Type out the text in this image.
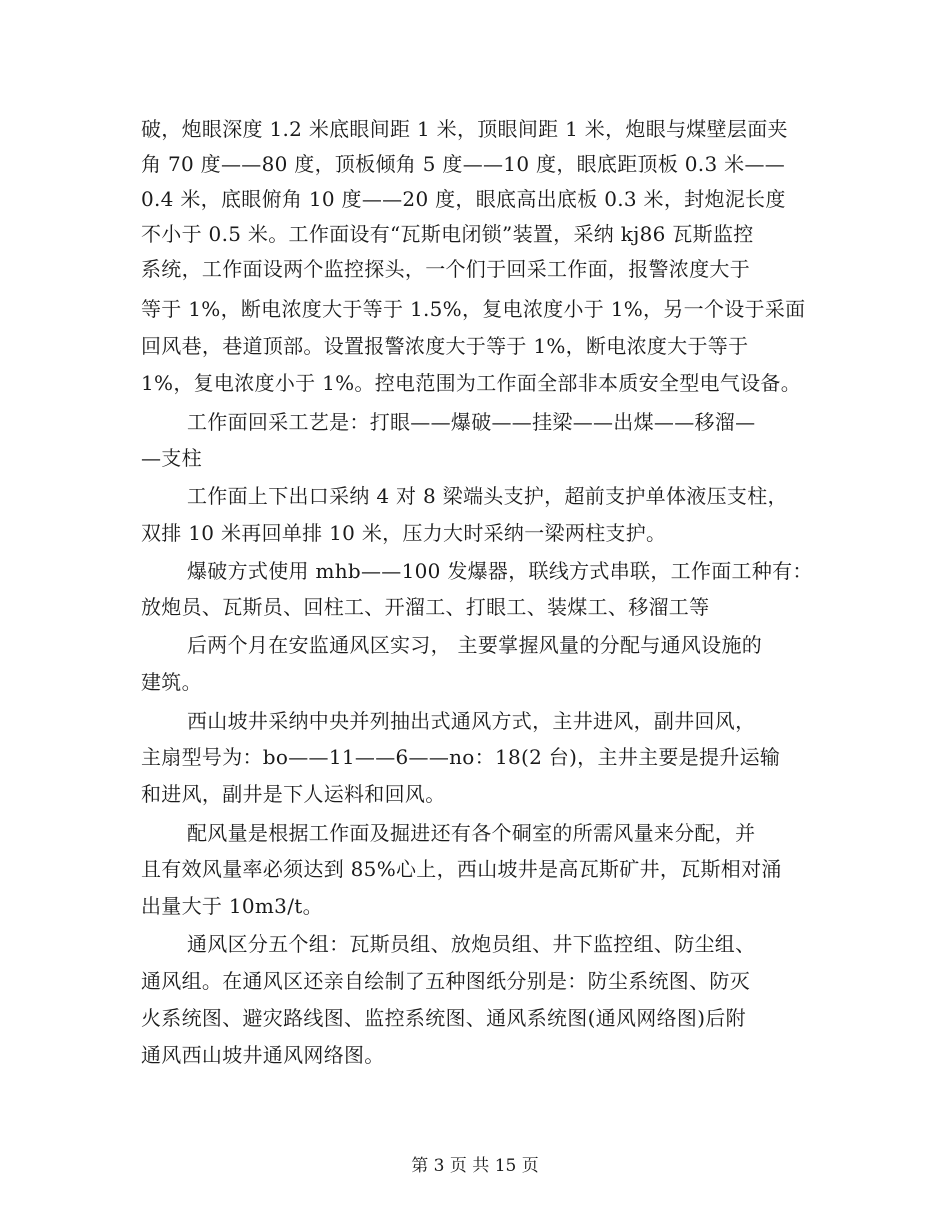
破，炮眼深度 1.2 米底眼间距 1 米，顶眼间距 1 米，炮眼与煤壁层面夹
角 70 度——80 度，顶板倾角 5 度——10 度，眼底距顶板 0.3 米——
0.4 米，底眼俯角 10 度——20 度，眼底高出底板 0.3 米，封炮泥长度
不小于 0.5 米。工作面设有“瓦斯电闭锁”装置，采纳 kj86 瓦斯监控
系统，工作面设两个监控探头，一个们于回采工作面，报警浓度大于
等于 1%，断电浓度大于等于 1.5%，复电浓度小于 1%，另一个设于采面
回风巷，巷道顶部。设置报警浓度大于等于 1%，断电浓度大于等于
1%，复电浓度小于 1%。控电范围为工作面全部非本质安全型电气设备。
工作面回采工艺是：打眼——爆破——挂梁——出煤——移溜—
—支柱
工作面上下出口采纳 4 对 8 梁端头支护，超前支护单体液压支柱，
双排 10 米再回单排 10 米，压力大时采纳一梁两柱支护。
爆破方式使用 mhb——100 发爆器，联线方式串联，工作面工种有：
放炮员、瓦斯员、回柱工、开溜工、打眼工、装煤工、移溜工等
后两个月在安监通风区实习， 主要掌握风量的分配与通风设施的
建筑。
西山坡井采纳中央并列抽出式通风方式，主井进风，副井回风，
主扇型号为：bo——11——6——no：18(2 台)，主井主要是提升运输
和进风，副井是下人运料和回风。
配风量是根据工作面及掘进还有各个硐室的所需风量来分配，并
且有效风量率必须达到 85%心上，西山坡井是高瓦斯矿井，瓦斯相对涌
出量大于 10m3/t。
通风区分五个组：瓦斯员组、放炮员组、井下监控组、防尘组、
通风组。在通风区还亲自绘制了五种图纸分别是：防尘系统图、防灭
火系统图、避灾路线图、监控系统图、通风系统图(通风网络图)后附
通风西山坡井通风网络图。
第 3 页 共 15 页
